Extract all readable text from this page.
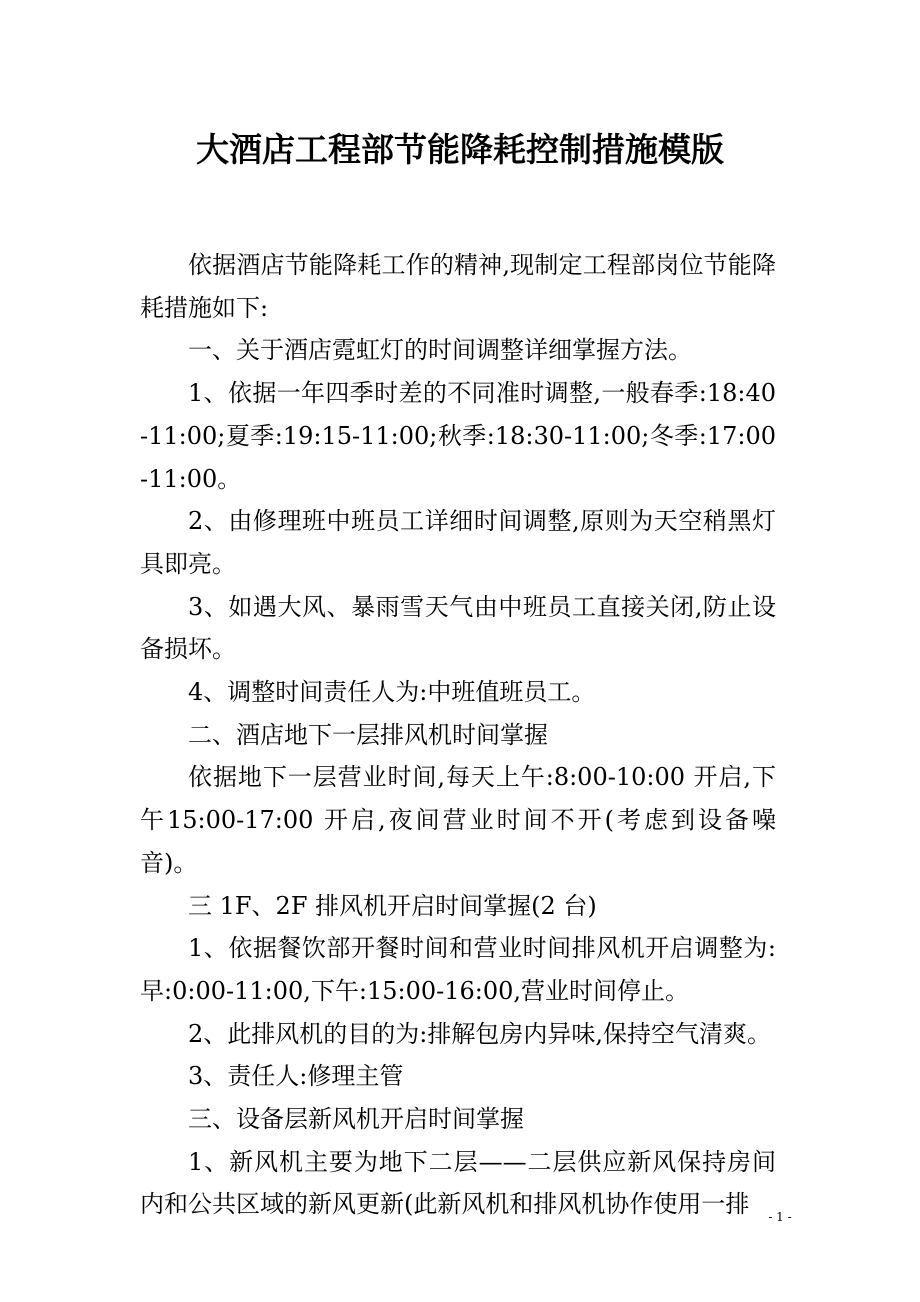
大酒店工程部节能降耗控制措施模版

依据酒店节能降耗工作的精神,现制定工程部岗位节能降耗措施如下:

一、关于酒店霓虹灯的时间调整详细掌握方法。

1、依据一年四季时差的不同准时调整,一般春季:18:40-11:00;夏季:19:15-11:00;秋季:18:30-11:00;冬季:17:00-11:00。

2、由修理班中班员工详细时间调整,原则为天空稍黑灯具即亮。

3、如遇大风、暴雨雪天气由中班员工直接关闭,防止设备损坏。

4、调整时间责任人为:中班值班员工。

二、酒店地下一层排风机时间掌握

依据地下一层营业时间,每天上午:8:00-10:00 开启,下午15:00-17:00 开启,夜间营业时间不开(考虑到设备噪音)。

三 1F、2F 排风机开启时间掌握(2 台)

1、依据餐饮部开餐时间和营业时间排风机开启调整为:早:0:00-11:00,下午:15:00-16:00,营业时间停止。

2、此排风机的目的为:排解包房内异味,保持空气清爽。

3、责任人:修理主管

三、设备层新风机开启时间掌握

1、新风机主要为地下二层——二层供应新风保持房间内和公共区域的新风更新(此新风机和排风机协作使用一排	- 1 -
